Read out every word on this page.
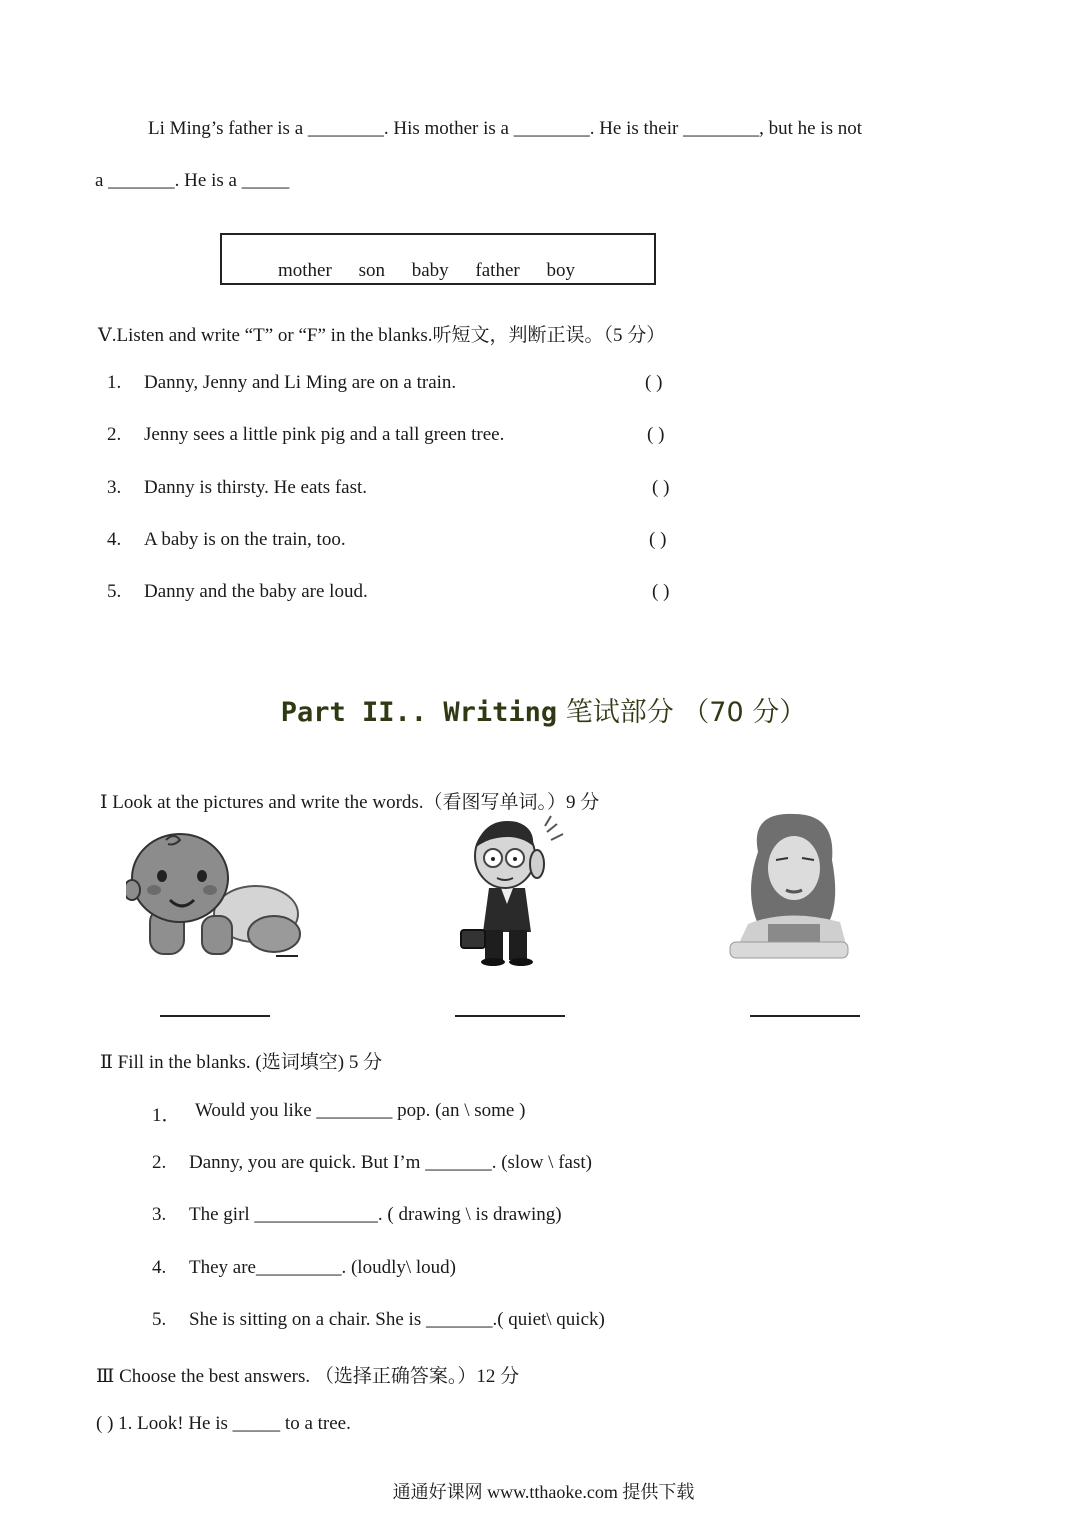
Li Ming’s father is a ________. His mother is a ________. He is their ________, but he is not
a _______. He is a _____
mother son baby father boy
Ⅴ.Listen and write “T” or “F” in the blanks.听短文，判断正误。（5 分）
1. Danny, Jenny and Li Ming are on a train.	( )
2. Jenny sees a little pink pig and a tall green tree.	( )
3. Danny is thirsty. He eats fast.	( )
4. A baby is on the train, too.	( )
5. Danny and the baby are loud.	( )
Part II.. Writing 笔试部分 （70 分）
Ⅰ Look at the pictures and write the words.（看图写单词。）9 分
Ⅱ Fill in the blanks. (选词填空) 5 分
1． Would you like ________ pop. (an \ some )
2. Danny, you are quick. But I’m _______. (slow \ fast)
3. The girl _____________. ( drawing \ is drawing)
4. They are_________. (loudly\ loud)
5. She is sitting on a chair. She is _______.( quiet\ quick)
Ⅲ Choose the best answers. （选择正确答案。）12 分
( ) 1. Look! He is _____ to a tree.
通通好课网 www.tthaoke.com 提供下载
